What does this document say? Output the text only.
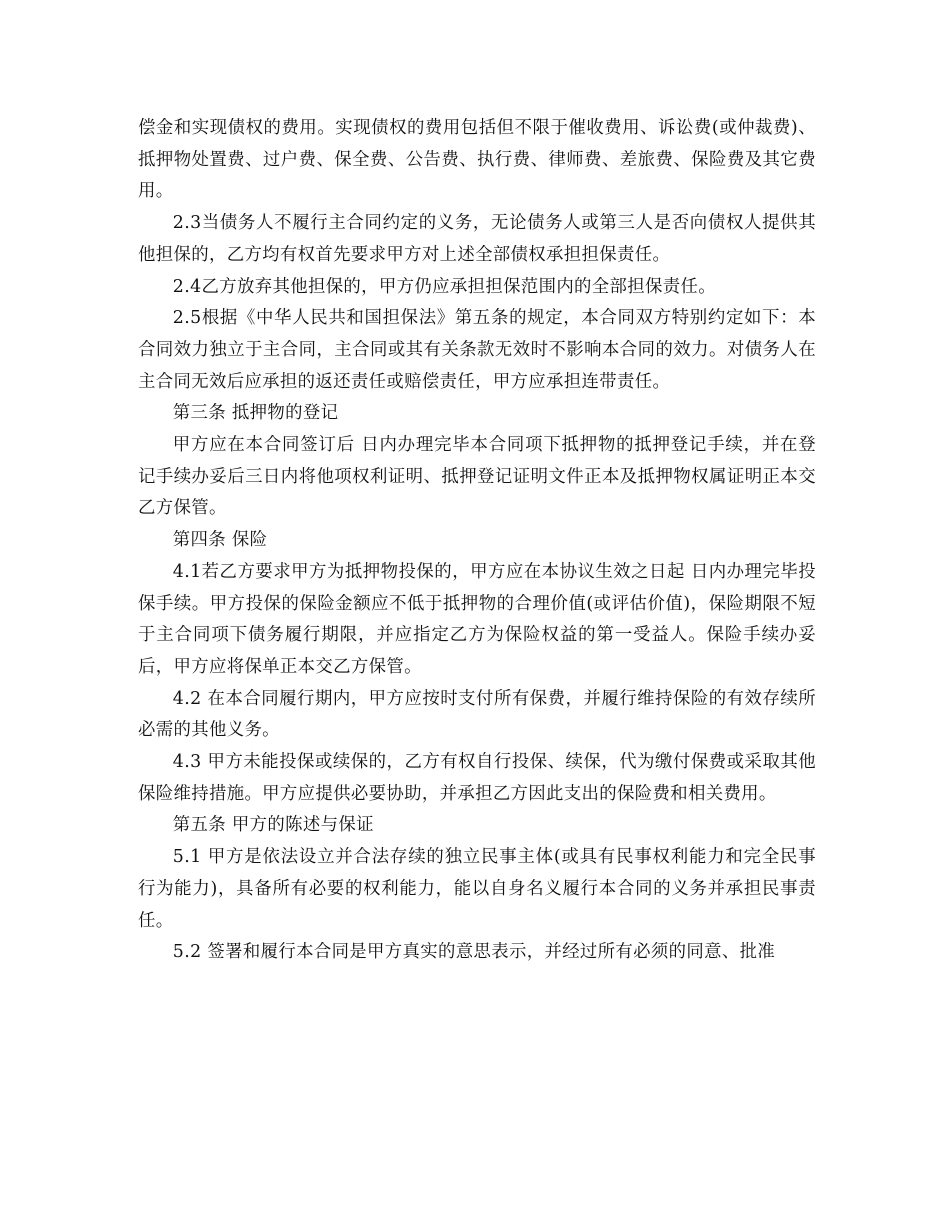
偿金和实现债权的费用。实现债权的费用包括但不限于催收费用、诉讼费(或仲裁费)、抵押物处置费、过户费、保全费、公告费、执行费、律师费、差旅费、保险费及其它费用。

2.3当债务人不履行主合同约定的义务，无论债务人或第三人是否向债权人提供其他担保的，乙方均有权首先要求甲方对上述全部债权承担担保责任。

2.4乙方放弃其他担保的，甲方仍应承担担保范围内的全部担保责任。

2.5根据《中华人民共和国担保法》第五条的规定，本合同双方特别约定如下：本合同效力独立于主合同，主合同或其有关条款无效时不影响本合同的效力。对债务人在主合同无效后应承担的返还责任或赔偿责任，甲方应承担连带责任。

第三条 抵押物的登记

甲方应在本合同签订后 日内办理完毕本合同项下抵押物的抵押登记手续，并在登记手续办妥后三日内将他项权利证明、抵押登记证明文件正本及抵押物权属证明正本交乙方保管。

第四条 保险

4.1若乙方要求甲方为抵押物投保的，甲方应在本协议生效之日起 日内办理完毕投保手续。甲方投保的保险金额应不低于抵押物的合理价值(或评估价值)，保险期限不短于主合同项下债务履行期限，并应指定乙方为保险权益的第一受益人。保险手续办妥后，甲方应将保单正本交乙方保管。

4.2 在本合同履行期内，甲方应按时支付所有保费，并履行维持保险的有效存续所必需的其他义务。

4.3 甲方未能投保或续保的，乙方有权自行投保、续保，代为缴付保费或采取其他保险维持措施。甲方应提供必要协助，并承担乙方因此支出的保险费和相关费用。

第五条 甲方的陈述与保证

5.1 甲方是依法设立并合法存续的独立民事主体(或具有民事权利能力和完全民事行为能力)，具备所有必要的权利能力，能以自身名义履行本合同的义务并承担民事责任。

5.2 签署和履行本合同是甲方真实的意思表示，并经过所有必须的同意、批准
